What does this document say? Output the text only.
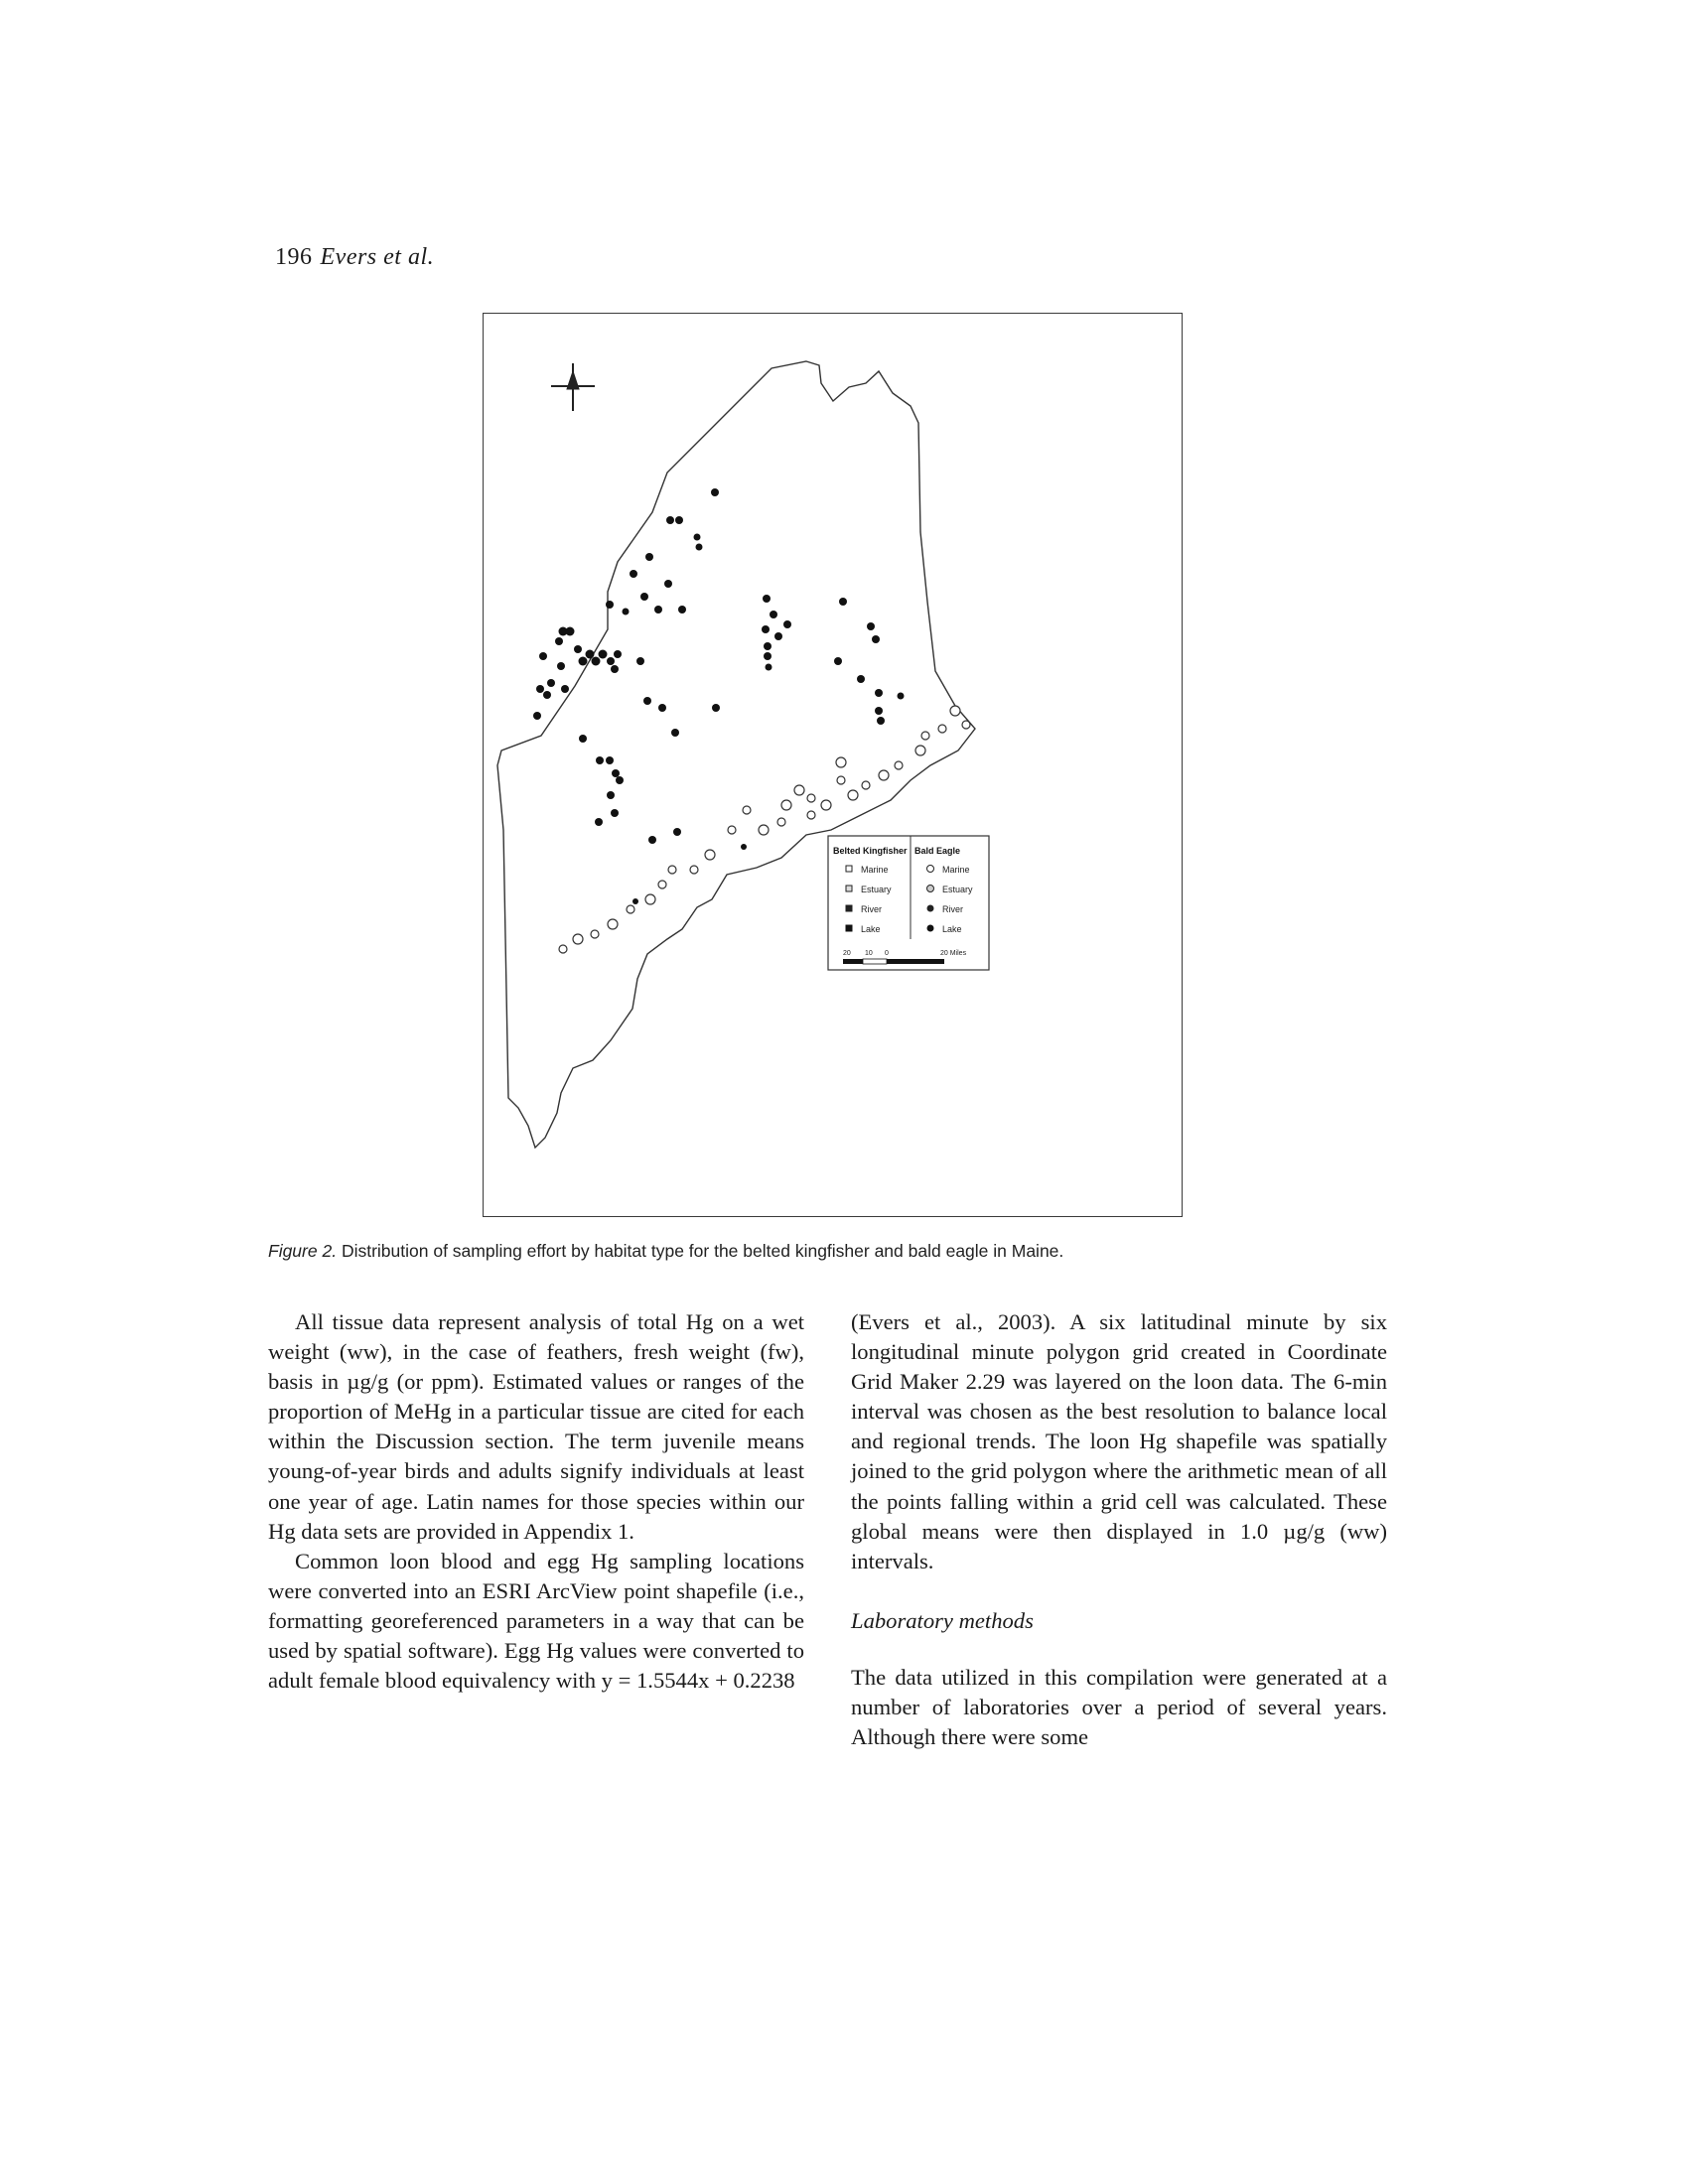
196 Evers et al.
Belted Kingfisher Bald Eagle
Marine
Estuary
River
Lake
Marine
Estuary
River
Lake
20 10 0	20 Miles
Figure 2. Distribution of sampling effort by habitat type for the belted kingfisher and bald eagle in Maine.

All tissue data represent analysis of total Hg on a wet weight (ww), in the case of feathers, fresh weight (fw), basis in µg/g (or ppm). Estimated values or ranges of the proportion of MeHg in a particular tissue are cited for each within the Discussion section. The term juvenile means young-of-year birds and adults signify individuals at least one year of age. Latin names for those species within our Hg data sets are provided in Appendix 1.

Common loon blood and egg Hg sampling locations were converted into an ESRI ArcView point shapefile (i.e., formatting georeferenced parameters in a way that can be used by spatial software). Egg Hg values were converted to adult female blood equivalency with y = 1.5544x + 0.2238

(Evers et al., 2003). A six latitudinal minute by six longitudinal minute polygon grid created in Coordinate Grid Maker 2.29 was layered on the loon data. The 6-min interval was chosen as the best resolution to balance local and regional trends. The loon Hg shapefile was spatially joined to the grid polygon where the arithmetic mean of all the points falling within a grid cell was calculated. These global means were then displayed in 1.0 µg/g (ww) intervals.

Laboratory methods

The data utilized in this compilation were generated at a number of laboratories over a period of several years. Although there were some
